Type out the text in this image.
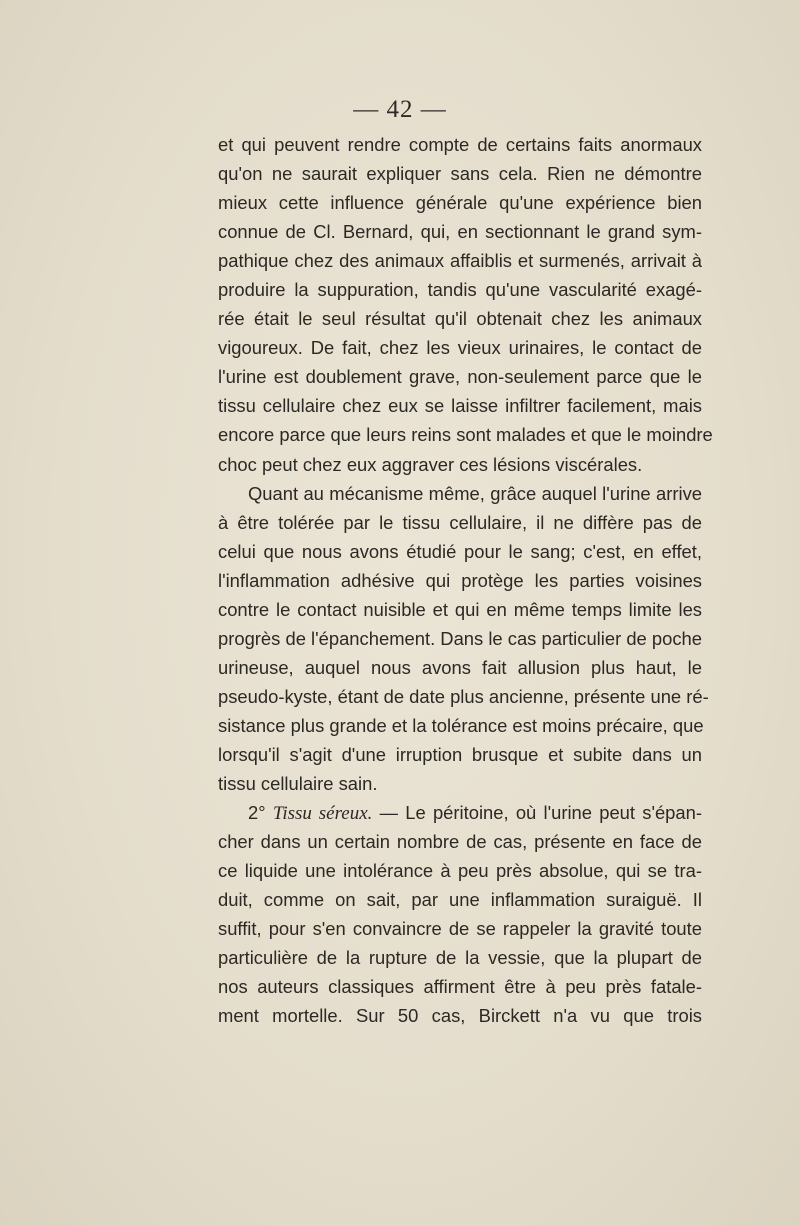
— 42 —
et qui peuvent rendre compte de certains faits anormaux
qu'on ne saurait expliquer sans cela. Rien ne démontre
mieux cette influence générale qu'une expérience bien
connue de Cl. Bernard, qui, en sectionnant le grand sym-
pathique chez des animaux affaiblis et surmenés, arrivait à
produire la suppuration, tandis qu'une vascularité exagé-
rée était le seul résultat qu'il obtenait chez les animaux
vigoureux. De fait, chez les vieux urinaires, le contact de
l'urine est doublement grave, non-seulement parce que le
tissu cellulaire chez eux se laisse infiltrer facilement, mais
encore parce que leurs reins sont malades et que le moindre
choc peut chez eux aggraver ces lésions viscérales.
Quant au mécanisme même, grâce auquel l'urine arrive
à être tolérée par le tissu cellulaire, il ne diffère pas de
celui que nous avons étudié pour le sang; c'est, en effet,
l'inflammation adhésive qui protège les parties voisines
contre le contact nuisible et qui en même temps limite les
progrès de l'épanchement. Dans le cas particulier de poche
urineuse, auquel nous avons fait allusion plus haut, le
pseudo-kyste, étant de date plus ancienne, présente une ré-
sistance plus grande et la tolérance est moins précaire, que
lorsqu'il s'agit d'une irruption brusque et subite dans un
tissu cellulaire sain.
2° Tissu séreux. — Le péritoine, où l'urine peut s'épan-
cher dans un certain nombre de cas, présente en face de
ce liquide une intolérance à peu près absolue, qui se tra-
duit, comme on sait, par une inflammation suraiguë. Il
suffit, pour s'en convaincre de se rappeler la gravité toute
particulière de la rupture de la vessie, que la plupart de
nos auteurs classiques affirment être à peu près fatale-
ment mortelle. Sur 50 cas, Birckett n'a vu que trois
